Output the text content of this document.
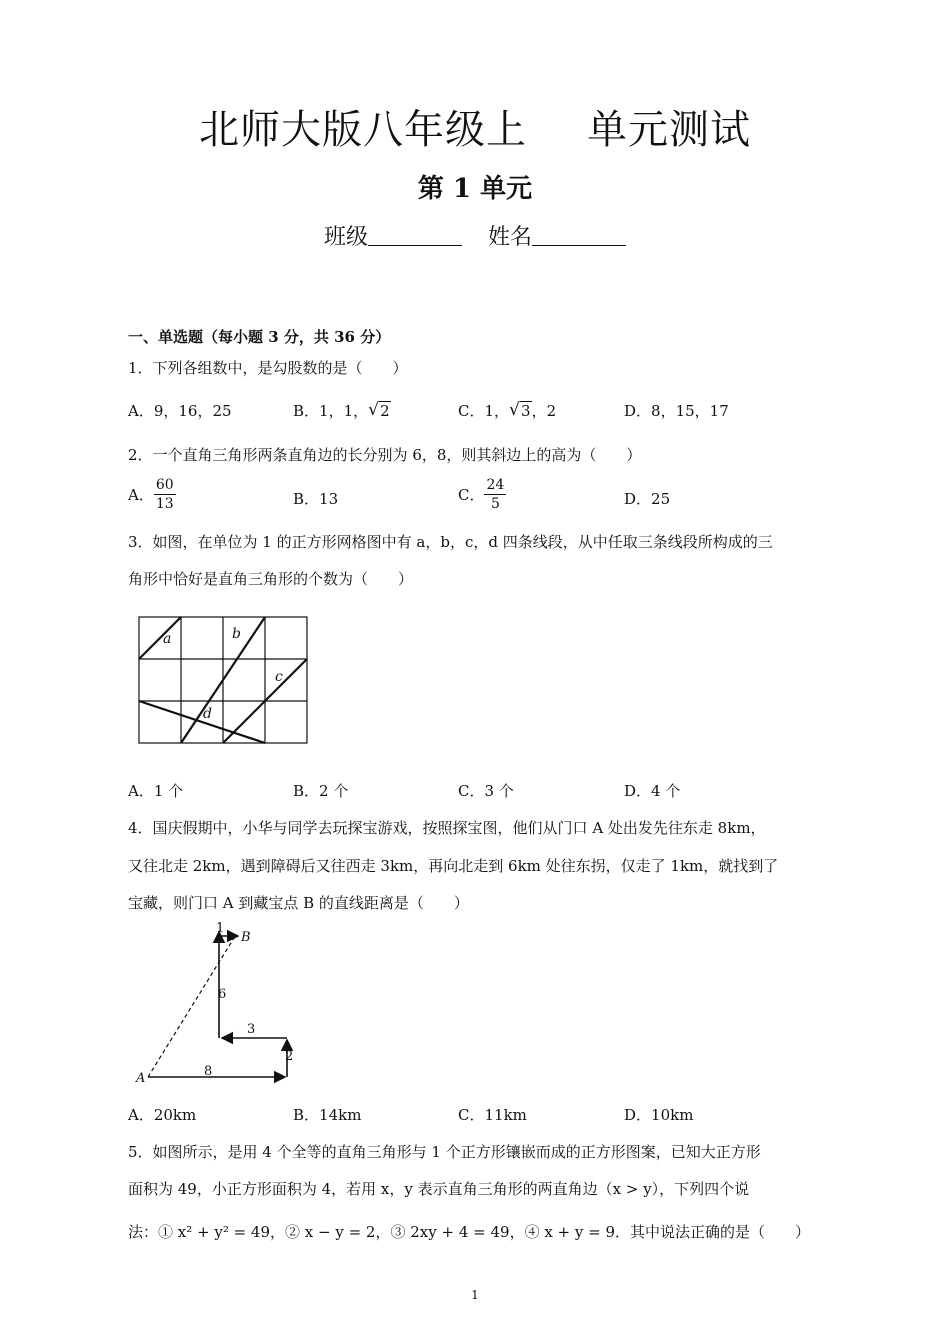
北师大版八年级上 单元测试
第 1 单元
班级	姓名
一、单选题（每小题 3 分，共 36 分）
1．下列各组数中，是勾股数的是（　　）
A．9，16，25	B．1，1， √ 2	C．1， √ 3，2	D．8，15，17
2．一个直角三角形两条直角边的长分别为 6，8，则其斜边上的高为（　　）
A． $\frac{60}{13}$	B．13	C． $\frac{24}{5}$	D．25
3．如图，在单位为 1 的正方形网格图中有 a，b，c，d 四条线段，从中任取三条线段所构成的三
角形中恰好是直角三角形的个数为（　　）
a	b
c
d
A．1 个	B．2 个	C．3 个	D．4 个
4．国庆假期中，小华与同学去玩探宝游戏，按照探宝图，他们从门口 A 处出发先往东走 8km，
又往北走 2km，遇到障碍后又往西走 3km，再向北走到 6km 处往东拐，仅走了 1km，就找到了
宝藏，则门口 A 到藏宝点 B 的直线距离是（　　）
A
B
8
2
3
6
1
A．20km	B．14km	C．11km	D．10km
5．如图所示，是用 4 个全等的直角三角形与 1 个正方形镶嵌而成的正方形图案，已知大正方形
面积为 49，小正方形面积为 4，若用 x，y 表示直角三角形的两直角边（x > y），下列四个说
法：① x² + y² = 49，② x − y = 2，③ 2xy + 4 = 49，④ x + y = 9．其中说法正确的是（　　）
1
